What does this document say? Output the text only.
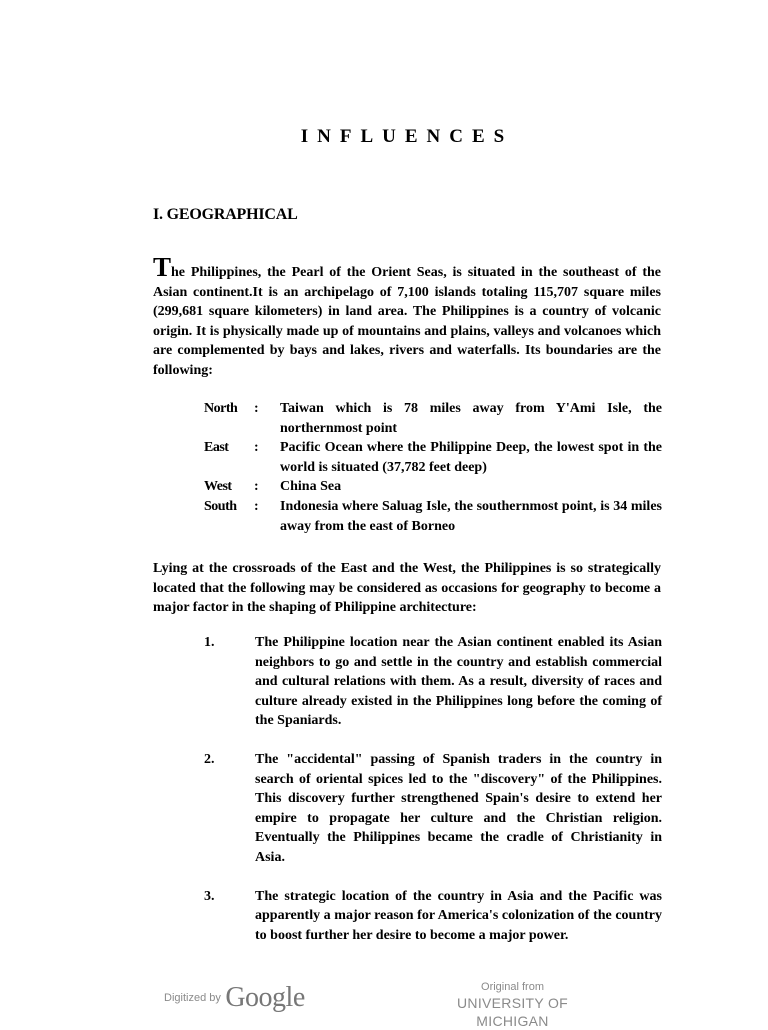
INFLUENCES
I. GEOGRAPHICAL
The Philippines, the Pearl of the Orient Seas, is situated in the southeast of the Asian continent.It is an archipelago of 7,100 islands totaling 115,707 square miles (299,681 square kilometers) in land area. The Philippines is a country of volcanic origin. It is physically made up of mountains and plains, valleys and volcanoes which are complemented by bays and lakes, rivers and waterfalls. Its boundaries are the following:
North	:	Taiwan which is 78 miles away from Y'Ami Isle, the northernmost point
East	:	Pacific Ocean where the Philippine Deep, the lowest spot in the world is situated (37,782 feet deep)
West	:	China Sea
South	:	Indonesia where Saluag Isle, the southernmost point, is 34 miles away from the east of Borneo
Lying at the crossroads of the East and the West, the Philippines is so strategically located that the following may be considered as occasions for geography to become a major factor in the shaping of Philippine architecture:
1.	The Philippine location near the Asian continent enabled its Asian neighbors to go and settle in the country and establish commercial and cultural relations with them. As a result, diversity of races and culture already existed in the Philippines long before the coming of the Spaniards.
2.	The "accidental" passing of Spanish traders in the country in search of oriental spices led to the "discovery" of the Philippines. This discovery further strengthened Spain's desire to extend her empire to propagate her culture and the Christian religion. Eventually the Philippines became the cradle of Christianity in Asia.
3.	The strategic location of the country in Asia and the Pacific was apparently a major reason for America's colonization of the country to boost further her desire to become a major power.
Digitized by Google	Original from
UNIVERSITY OF MICHIGAN
